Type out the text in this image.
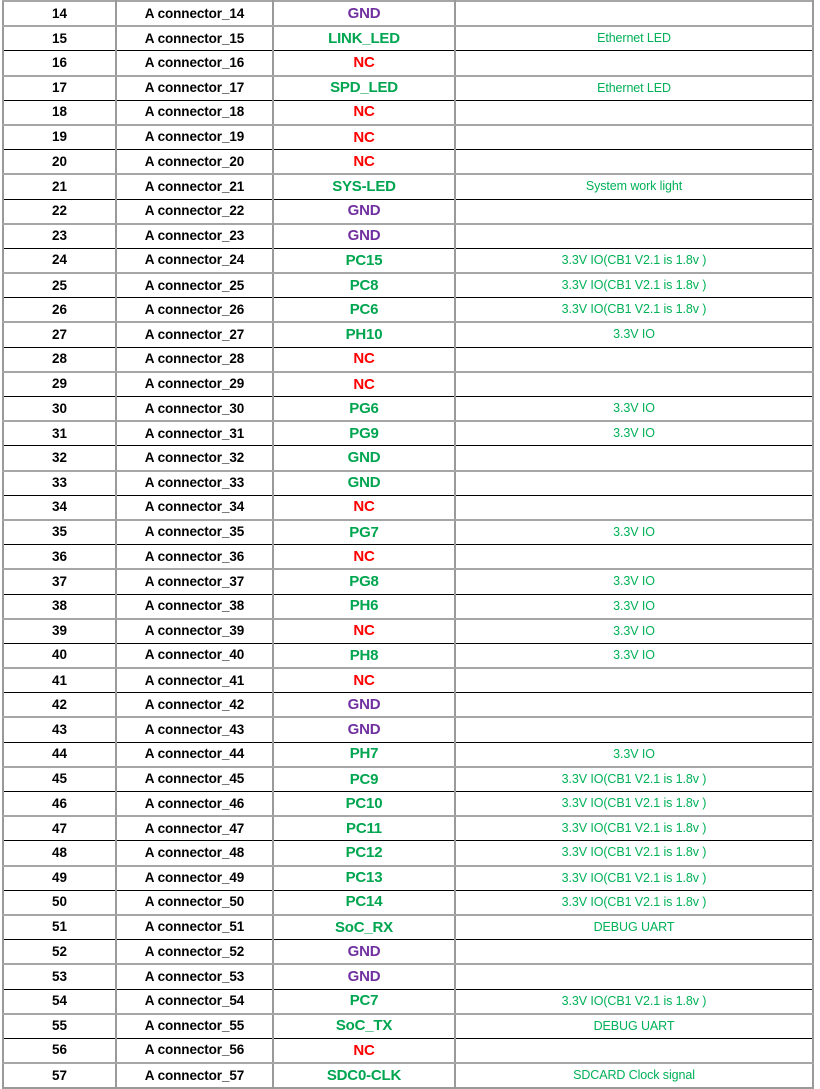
14	A connector_14	GND	
15	A connector_15	LINK_LED	Ethernet LED
16	A connector_16	NC	
17	A connector_17	SPD_LED	Ethernet LED
18	A connector_18	NC	
19	A connector_19	NC	
20	A connector_20	NC	
21	A connector_21	SYS-LED	System work light
22	A connector_22	GND	
23	A connector_23	GND	
24	A connector_24	PC15	3.3V IO(CB1 V2.1 is 1.8v )
25	A connector_25	PC8	3.3V IO(CB1 V2.1 is 1.8v )
26	A connector_26	PC6	3.3V IO(CB1 V2.1 is 1.8v )
27	A connector_27	PH10	3.3V IO
28	A connector_28	NC	
29	A connector_29	NC	
30	A connector_30	PG6	3.3V IO
31	A connector_31	PG9	3.3V IO
32	A connector_32	GND	
33	A connector_33	GND	
34	A connector_34	NC	
35	A connector_35	PG7	3.3V IO
36	A connector_36	NC	
37	A connector_37	PG8	3.3V IO
38	A connector_38	PH6	3.3V IO
39	A connector_39	NC	3.3V IO
40	A connector_40	PH8	3.3V IO
41	A connector_41	NC	
42	A connector_42	GND	
43	A connector_43	GND	
44	A connector_44	PH7	3.3V IO
45	A connector_45	PC9	3.3V IO(CB1 V2.1 is 1.8v )
46	A connector_46	PC10	3.3V IO(CB1 V2.1 is 1.8v )
47	A connector_47	PC11	3.3V IO(CB1 V2.1 is 1.8v )
48	A connector_48	PC12	3.3V IO(CB1 V2.1 is 1.8v )
49	A connector_49	PC13	3.3V IO(CB1 V2.1 is 1.8v )
50	A connector_50	PC14	3.3V IO(CB1 V2.1 is 1.8v )
51	A connector_51	SoC_RX	DEBUG UART
52	A connector_52	GND	
53	A connector_53	GND	
54	A connector_54	PC7	3.3V IO(CB1 V2.1 is 1.8v )
55	A connector_55	SoC_TX	DEBUG UART
56	A connector_56	NC	
57	A connector_57	SDC0-CLK	SDCARD Clock signal
